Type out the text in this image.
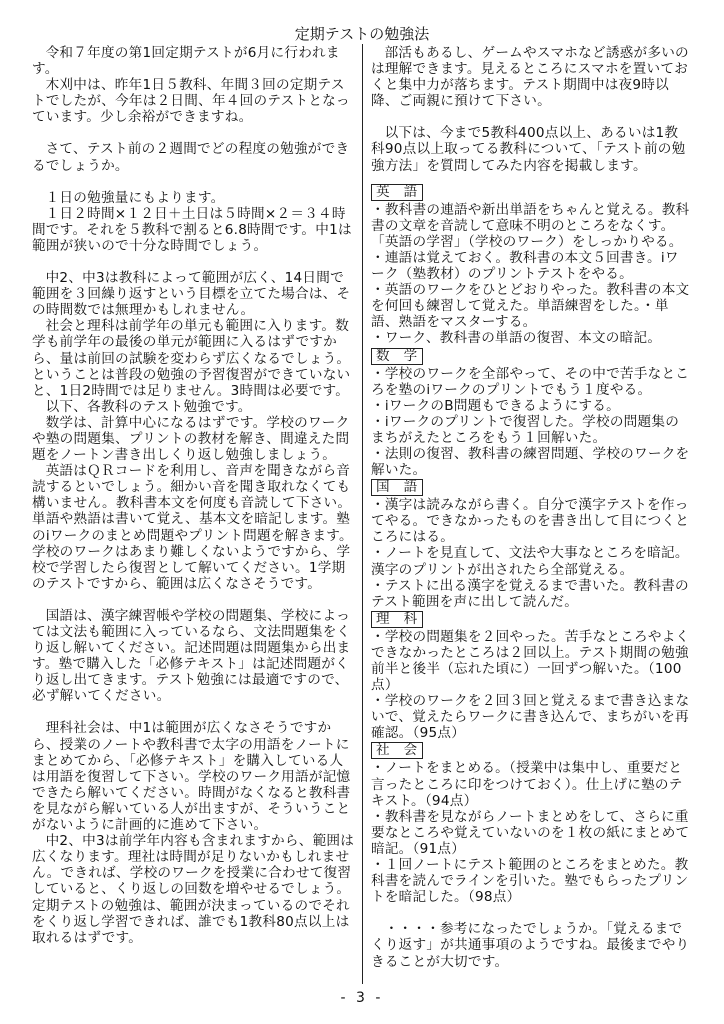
定期テストの勉強法

令和７年度の第1回定期テストが6月に行われます。

木刈中は、昨年1日５教科、年間３回の定期テストでしたが、今年は２日間、年４回のテストとなっています。少し余裕ができますね。

さて、テスト前の２週間でどの程度の勉強ができるでしょうか。

１日の勉強量にもよります。

１日２時間×１２日＋土日は５時間×２＝３４時間です。それを５教科で割ると6.8時間です。中1は範囲が狭いので十分な時間でしょう。

中2、中3は教科によって範囲が広く、14日間で範囲を３回繰り返すという目標を立てた場合は、その時間数では無理かもしれません。

社会と理科は前学年の単元も範囲に入ります。数学も前学年の最後の単元が範囲に入るはずですから、量は前回の試験を変わらず広くなるでしょう。ということは普段の勉強の予習復習ができていないと、1日2時間では足りません。3時間は必要です。

以下、各教科のテスト勉強です。

数学は、計算中心になるはずです。学校のワークや塾の問題集、プリントの教材を解き、間違えた問題をノートン書き出しくり返し勉強しましょう。

英語はＱＲコードを利用し、音声を聞きながら音読するといでしょう。細かい音を聞き取れなくても構いません。教科書本文を何度も音読して下さい。単語や熟語は書いて覚え、基本文を暗記します。塾のiワークのまとめ問題やプリント問題を解きます。学校のワークはあまり難しくないようですから、学校で学習したら復習として解いてください。1学期のテストですから、範囲は広くなさそうです。

国語は、漢字練習帳や学校の問題集、学校によっては文法も範囲に入っているなら、文法問題集をくり返し解いてください。記述問題は問題集から出ます。塾で購入した「必修テキスト」は記述問題がくり返し出てきます。テスト勉強には最適ですので、必ず解いてください。

理科社会は、中1は範囲が広くなさそうですから、授業のノートや教科書で太字の用語をノートにまとめてから、「必修テキスト」を購入している人は用語を復習して下さい。学校のワーク用語が記憶できたら解いてください。時間がなくなると教科書を見ながら解いている人が出ますが、そういうことがないように計画的に進めて下さい。

中2、中3は前学年内容も含まれますから、範囲は広くなります。理社は時間が足りないかもしれません。できれば、学校のワークを授業に合わせて復習していると、くり返しの回数を増やせるでしょう。定期テストの勉強は、範囲が決まっているのでそれをくり返し学習できれば、誰でも1教科80点以上は取れるはずです。

部活もあるし、ゲームやスマホなど誘惑が多いのは理解できます。見えるところにスマホを置いておくと集中力が落ちます。テスト期間中は夜9時以降、ご両親に預けて下さい。

以下は、今まで5教科400点以上、あるいは1教科90点以上取ってる教科について、「テスト前の勉強方法」を質問してみた内容を掲載します。

英　語

・教科書の連語や新出単語をちゃんと覚える。教科書の文章を音読して意味不明のところをなくす。「英語の学習」（学校のワーク）をしっかりやる。

・連語は覚えておく。教科書の本文５回書き。iワーク（塾教材）のプリントテストをやる。

・英語のワークをひとどおりやった。教科書の本文を何回も練習して覚えた。単語練習をした。・単語、熟語をマスターする。

・ワーク、教科書の単語の復習、本文の暗記。

数　学

・学校のワークを全部やって、その中で苦手なところを塾のiワークのプリントでもう１度やる。

・iワークのB問題もできるようにする。

・iワークのプリントで復習した。学校の問題集のまちがえたところをもう１回解いた。

・法則の復習、教科書の練習問題、学校のワークを解いた。

国　語

・漢字は読みながら書く。自分で漢字テストを作ってやる。できなかったものを書き出して目につくところにはる。

・ノートを見直して、文法や大事なところを暗記。漢字のプリントが出されたら全部覚える。

・テストに出る漢字を覚えるまで書いた。教科書のテスト範囲を声に出して読んだ。

理　科

・学校の問題集を２回やった。苦手なところやよくできなかったところは２回以上。テスト期間の勉強前半と後半（忘れた頃に）一回ずつ解いた。（100点）

・学校のワークを２回３回と覚えるまで書き込まないで、覚えたらワークに書き込んで、まちがいを再確認。（95点）

社　会

・ノートをまとめる。（授業中は集中し、重要だと言ったところに印をつけておく）。仕上げに塾のテキスト。（94点）

・教科書を見ながらノートまとめをして、さらに重要なところや覚えていないのを１枚の紙にまとめて暗記。（91点）

・１回ノートにテスト範囲のところをまとめた。教科書を読んでラインを引いた。塾でもらったプリントを暗記した。（98点）

・・・・参考になったでしょうか。「覚えるまでくり返す」が共通事項のようですね。最後までやりきることが大切です。

- 3 -
